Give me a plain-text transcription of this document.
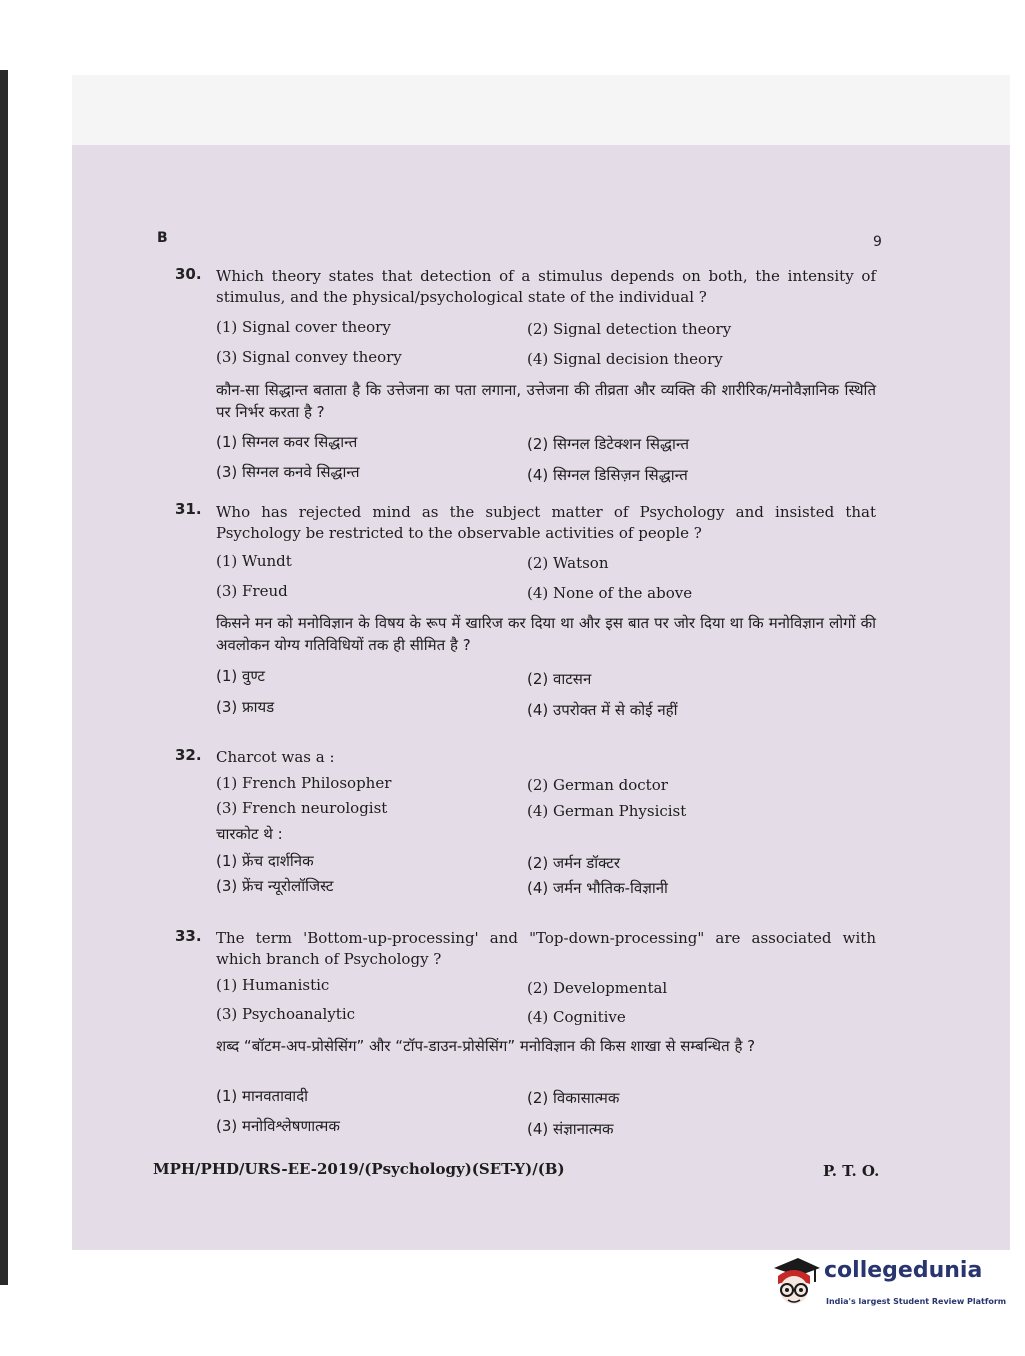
B	9
30. Which theory states that detection of a stimulus depends on both, the intensity of stimulus, and the physical/psychological state of the individual ?
(1) Signal cover theory	(2) Signal detection theory
(3) Signal convey theory	(4) Signal decision theory
कौन-सा सिद्धान्त बताता है कि उत्तेजना का पता लगाना, उत्तेजना की तीव्रता और व्यक्ति की शारीरिक/मनोवैज्ञानिक स्थिति पर निर्भर करता है ?
(1) सिग्नल कवर सिद्धान्त	(2) सिग्नल डिटेक्शन सिद्धान्त
(3) सिग्नल कनवे सिद्धान्त	(4) सिग्नल डिसिज़न सिद्धान्त
31. Who has rejected mind as the subject matter of Psychology and insisted that Psychology be restricted to the observable activities of people ?
(1) Wundt	(2) Watson
(3) Freud	(4) None of the above
किसने मन को मनोविज्ञान के विषय के रूप में खारिज कर दिया था और इस बात पर जोर दिया था कि मनोविज्ञान लोगों की अवलोकन योग्य गतिविधियों तक ही सीमित है ?
(1) वुण्ट	(2) वाटसन
(3) फ्रायड	(4) उपरोक्त में से कोई नहीं
32. Charcot was a :
(1) French Philosopher	(2) German doctor
(3) French neurologist	(4) German Physicist
चारकोट थे :
(1) फ्रेंच दार्शनिक	(2) जर्मन डॉक्टर
(3) फ्रेंच न्यूरोलॉजिस्ट	(4) जर्मन भौतिक-विज्ञानी
33. The term 'Bottom-up-processing' and "Top-down-processing" are associated with which branch of Psychology ?
(1) Humanistic	(2) Developmental
(3) Psychoanalytic	(4) Cognitive
शब्द “बॉटम-अप-प्रोसेसिंग” और “टॉप-डाउन-प्रोसेसिंग” मनोविज्ञान की किस शाखा से सम्बन्धित है ?
(1) मानवतावादी	(2) विकासात्मक
(3) मनोविश्लेषणात्मक	(4) संज्ञानात्मक
MPH/PHD/URS-EE-2019/(Psychology)(SET-Y)/(B)	P. T. O.
collegedunia
India's largest Student Review Platform
